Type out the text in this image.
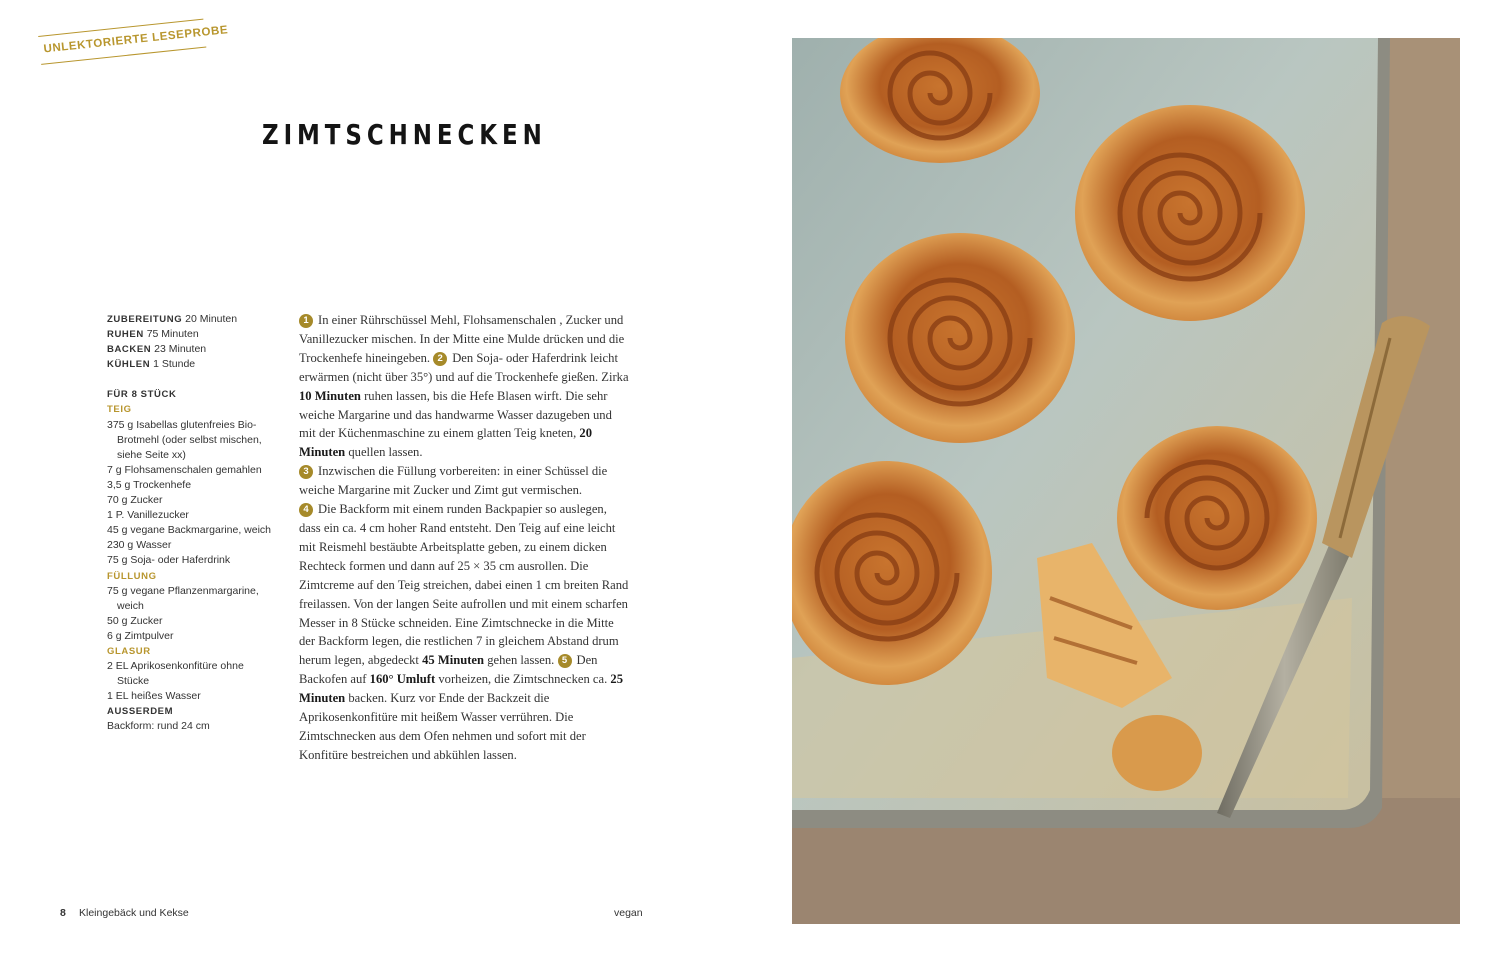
UNLEKTORIERTE LESEPROBE
ZIMTSCHNECKEN
ZUBEREITUNG 20 Minuten
RUHEN 75 Minuten
BACKEN 23 Minuten
KÜHLEN 1 Stunde
FÜR 8 STÜCK
TEIG
375 g Isabellas glutenfreies Bio-Brotmehl (oder selbst mischen, siehe Seite xx)
7 g Flohsamenschalen gemahlen
3,5 g Trockenhefe
70 g Zucker
1 P. Vanillezucker
45 g vegane Backmargarine, weich
230 g Wasser
75 g Soja- oder Haferdrink
FÜLLUNG
75 g vegane Pflanzenmargarine, weich
50 g Zucker
6 g Zimtpulver
GLASUR
2 EL Aprikosenkonfitüre ohne Stücke
1 EL heißes Wasser
AUSSERDEM
Backform: rund 24 cm
1 In einer Rührschüssel Mehl, Flohsamenschalen , Zucker und Vanillezucker mischen. In der Mitte eine Mulde drücken und die Trockenhefe hineingeben. 2 Den Soja- oder Haferdrink leicht erwärmen (nicht über 35°) und auf die Trockenhefe gießen. Zirka 10 Minuten ruhen lassen, bis die Hefe Blasen wirft. Die sehr weiche Margarine und das handwarme Wasser dazugeben und mit der Küchenmaschine zu einem glatten Teig kneten, 20 Minuten quellen lassen.
3 Inzwischen die Füllung vorbereiten: in einer Schüssel die weiche Margarine mit Zucker und Zimt gut vermischen.
4 Die Backform mit einem runden Backpapier so auslegen, dass ein ca. 4 cm hoher Rand entsteht. Den Teig auf eine leicht mit Reismehl bestäubte Arbeitsplatte geben, zu einem dicken Rechteck formen und dann auf 25 × 35 cm ausrollen. Die Zimtcreme auf den Teig streichen, dabei einen 1 cm breiten Rand freilassen. Von der langen Seite aufrollen und mit einem scharfen Messer in 8 Stücke schneiden. Eine Zimtschnecke in die Mitte der Backform legen, die restlichen 7 in gleichem Abstand drum herum legen, abgedeckt 45 Minuten gehen lassen. 5 Den Backofen auf 160° Umluft vorheizen, die Zimtschnecken ca. 25 Minuten backen. Kurz vor Ende der Backzeit die Aprikosenkonfitüre mit heißem Wasser verrühren. Die Zimtschnecken aus dem Ofen nehmen und sofort mit der Konfitüre bestreichen und abkühlen lassen.
8 Kleingebäck und Kekse	vegan
